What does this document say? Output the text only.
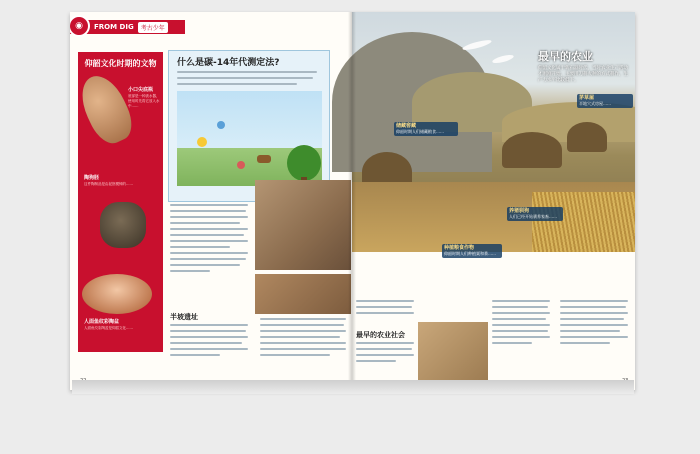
◉	FROM DIG	考古少年
仰韶文化时期的文物
小口尖底瓶
底部是一种汲水器，使用时先将它放入水中……
陶狗胚
这件陶制品是由泥胚模铸的……
人面鱼纹彩陶盆
人面鱼纹彩陶盆是仰韶文化……
什么是碳-14年代测定法?
半坡遗址
最早的农业
仰韶文化属于新石器时代，当时农业生产活动才刚刚开始，主要用刀耕火种的方式耕作，生产力水平比较低下。
储藏窖藏
仰韶时期人们储藏粮食……
茅草屋
半地穴式房屋……
种植粮食作物
仰韶时期人们种植粟和黍……
养猪驯狗
人们已经开始驯养家畜……
最早的农业社会
